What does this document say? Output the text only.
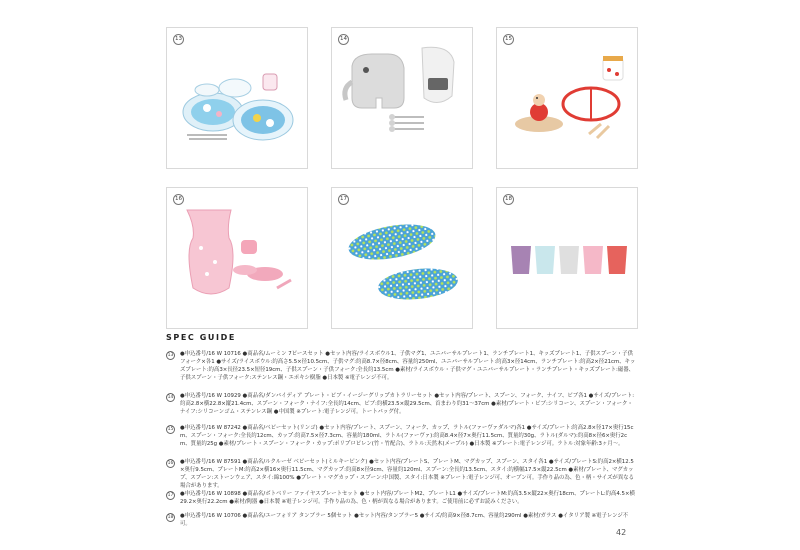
13	14	15
16	17	18
SPEC GUIDE
13	●申込番号/16 W 10716 ●商品名/ムーミン 7ピースセット ●セット内容/ライスボウル1、子供マグ1、ユニバーサルプレート1、ランチプレート1、キッズプレート1、子供スプーン・子供フォーク×各1 ●サイズ/ライスボウル:約高さ5.5×径10.5cm、子供マグ:約高8.7×径8cm、容量約250ml、ユニバーサルプレート:約高3×径14cm、ランチプレート:約高2×径21cm、キッズプレート:約高3×長径23.5×短径19cm、子供スプーン・子供フォーク:全長約13.5cm ●素材/ライスボウル・子供マグ・ユニバーサルプレート・ランチプレート・キッズプレート:磁器、子供スプーン・子供フォーク:ステンレス鋼・エポキシ樹脂 ●日本製 ※電子レンジ不可。
14	●申込番号/16 W 10929 ●商品名/ダンバイディア プレート・ビブ・イージーグリップカトラリーセット ●セット内容/プレート、スプーン、フォーク、ナイフ、ビブ各1 ●サイズ/プレート:約高2.8×横22.8×縦21.4cm、スプーン・フォーク・ナイフ:全長約14cm、ビブ:約横23.5×縦29.5cm、首まわり約31〜37cm ●素材/プレート・ビブ:シリコーン、スプーン・フォーク・ナイフ:シリコーンゴム・ステンレス鋼 ●中国製 ※プレート:電子レンジ可。トートバッグ付。
15	●申込番号/16 W 87242 ●商品名/ベビーセット(リンゴ) ●セット内容/プレート、スプーン、フォーク、カップ、ラトル(ファーヴァダルマ)各1 ●サイズ/プレート:約高2.8×径17×奥行15cm、スプーン・フォーク:全長約12cm、カップ:約高7.5×径7.3cm、容量約180ml、ラトル(ファーヴァ):約高8.4×径7×奥行11.5cm、質量約30g、ラトル(ダルマ):約高8×径6×奥行2cm、質量約25g ●素材/プレート・スプーン・フォーク・カップ:ポリプロピレン(竹・竹配合)、ラトル:天然木(メープル) ●日本製 ※プレート:電子レンジ可。ラトル:対象年齢:3ヶ月〜。
16	●申込番号/16 W 87591 ●商品名/ルクルーゼ ベビーセット(ミルキーピンク) ●セット内容/プレートS、プレートM、マグカップ、スプーン、スタイ各1 ●サイズ/プレートS:約高2×横12.5×奥行9.5cm、プレートM:約高2×横16×奥行11.5cm、マグカップ:約高8×径9cm、容量約120ml、スプーン:全長約13.5cm、スタイ:約横幅17.5×縦22.5cm ●素材/プレート、マグカップ、スプーン:ストーンウェア、スタイ:綿100% ●プレート・マグカップ・スプーン:中国製、スタイ:日本製 ※プレート:電子レンジ可、オーブン可。手作り品の為、色・柄・サイズが異なる場合があります。
17	●申込番号/16 W 10898 ●商品名/ボトベリー ファイヤスプレートセット ●セット内容/プレートM2、プレートL1 ●サイズ/プレートM:約高3.5×縦22×奥行18cm、プレートL:約高4.5×横29.2×奥行22.2cm ●素材/陶器 ●日本製 ※電子レンジ可。手作り品の為、色・柄が異なる場合があります。ご使用前に必ずお読みください。
18	●申込番号/16 W 10706 ●商品名/ユーフォリア タンブラー 5個セット ●セット内容/タンブラー5 ●サイズ/約高9×径8.7cm、容量約290ml ●素材/ガラス ●イタリア製 ※電子レンジ不可。
42
